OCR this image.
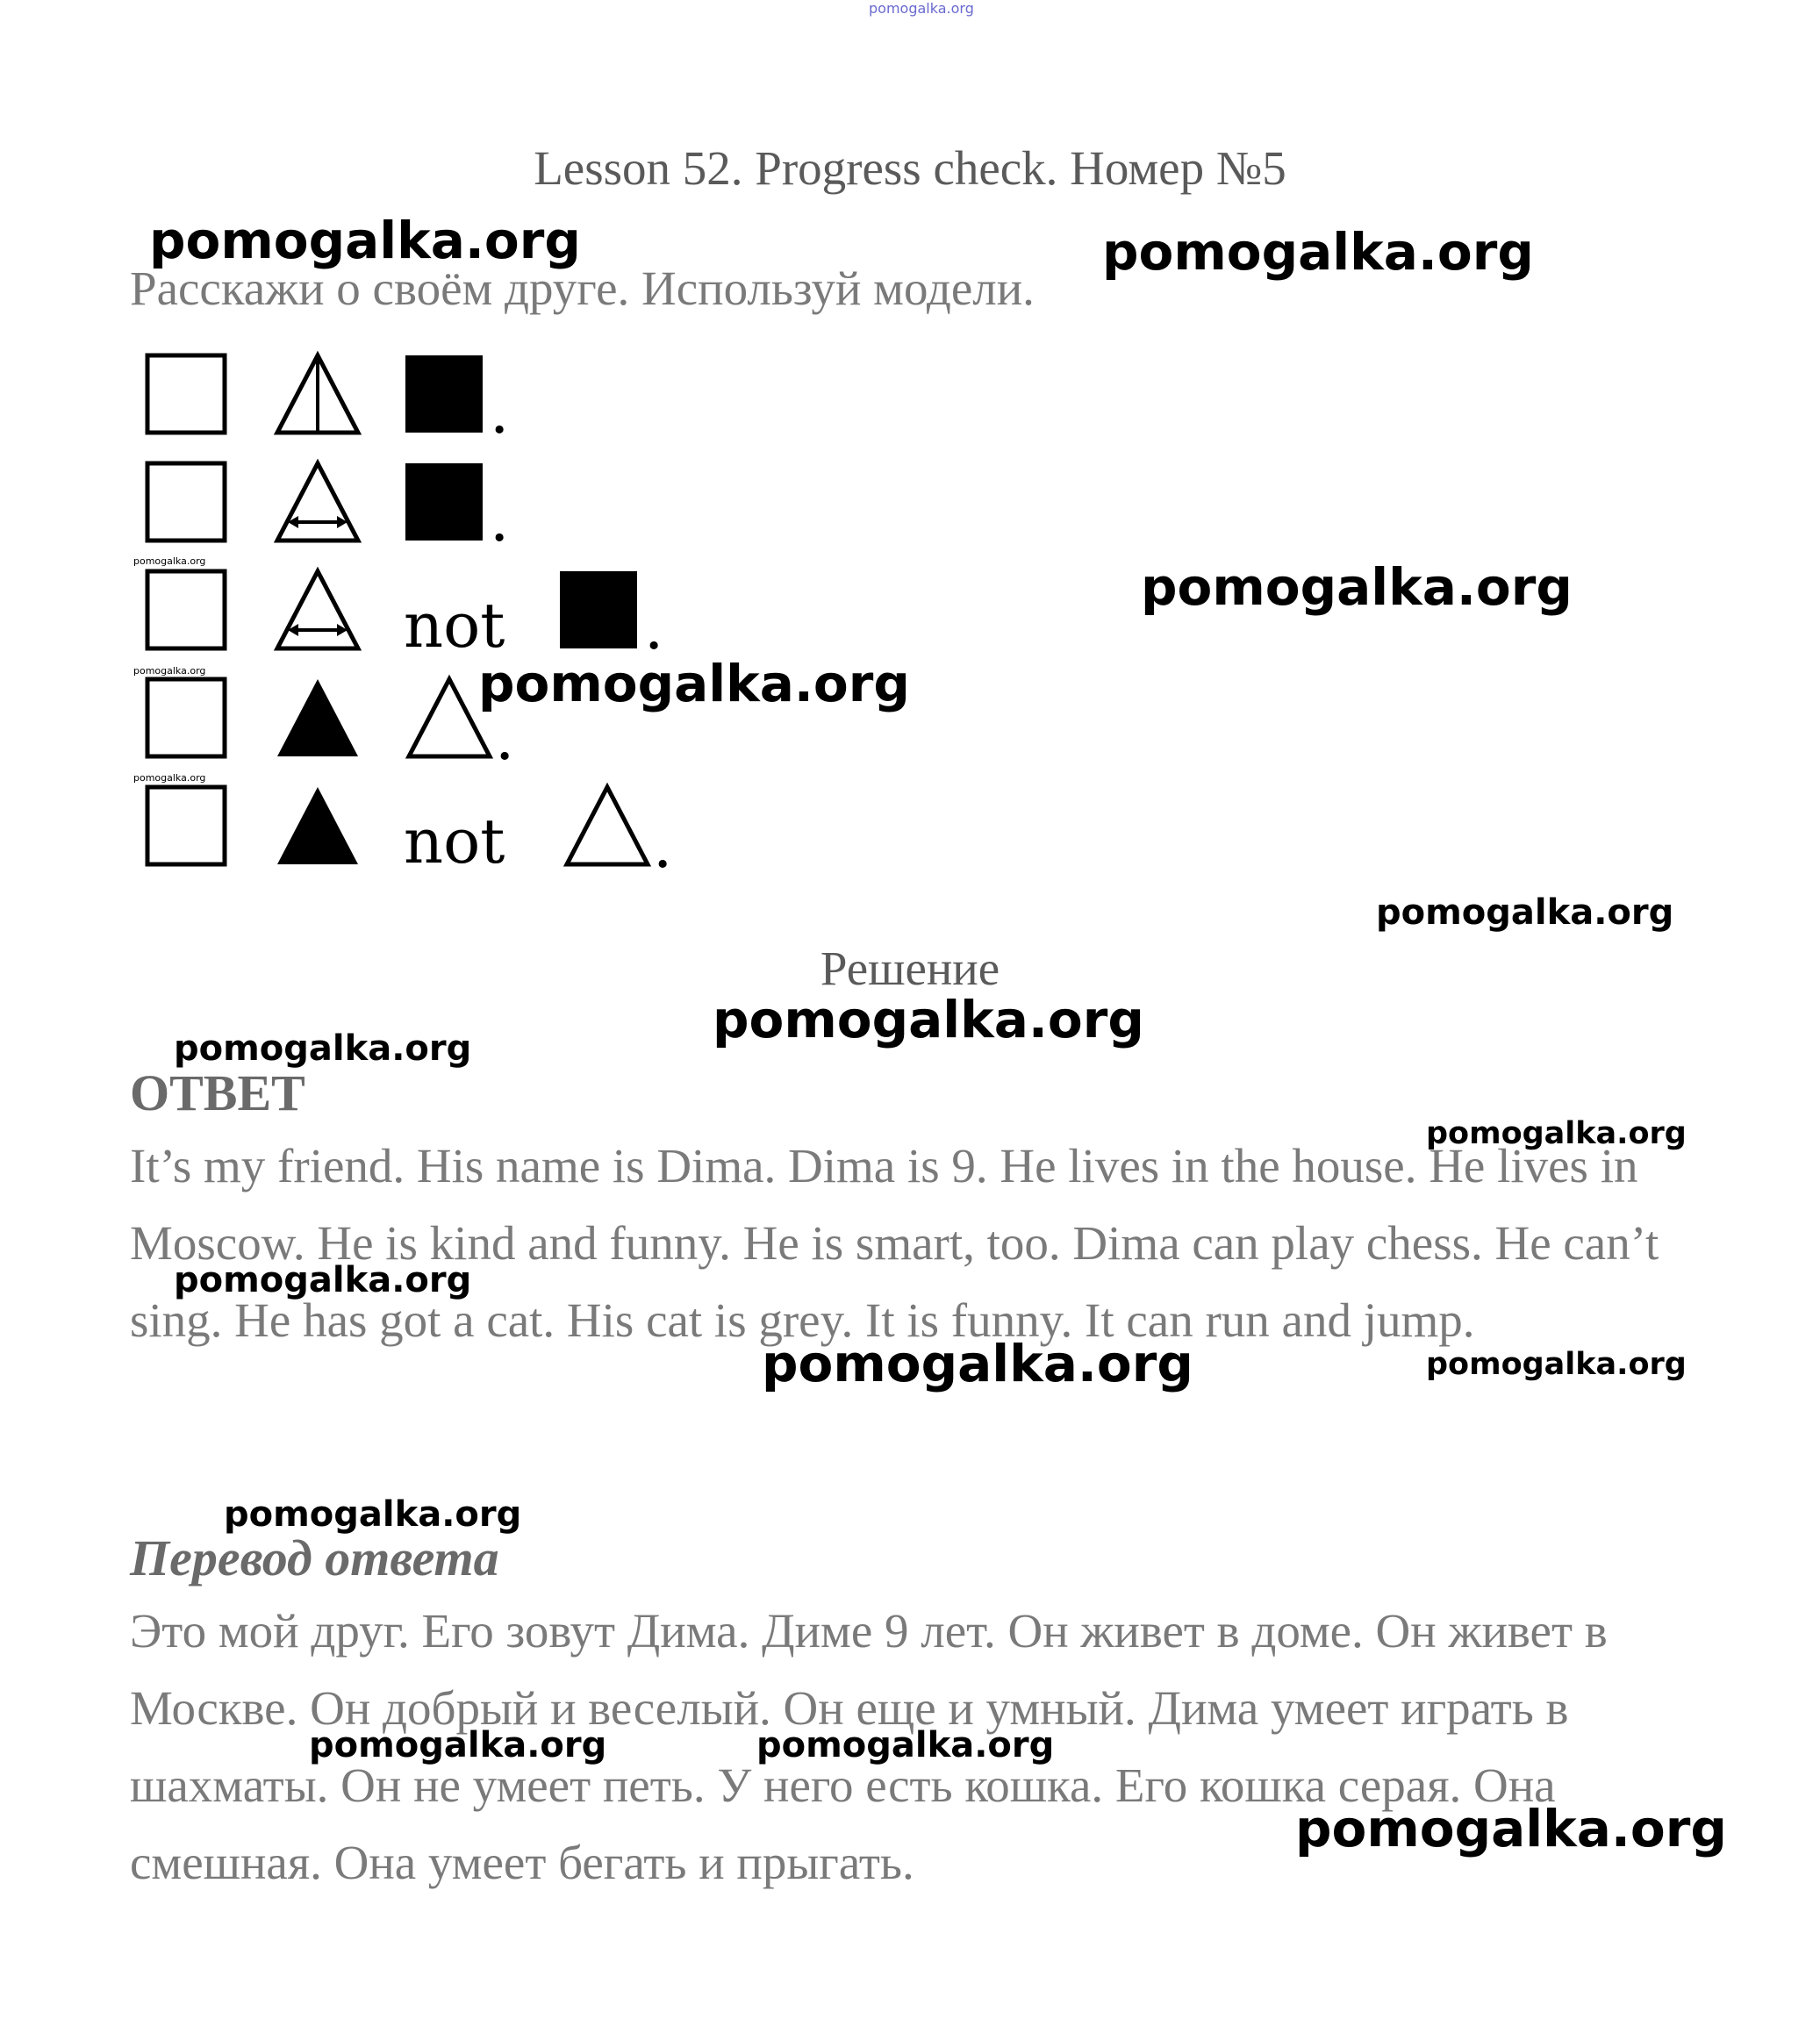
pomogalka.org
Lesson 52. Progress check. Номер №5
Расскажи о своём друге. Используй модели.
.
.
not .
.
not .
Решение
ОТВЕТ
It’s my friend. His name is Dima. Dima is 9. He lives in the house. He lives in Moscow. He is kind and funny. He is smart, too. Dima can play chess. He can’t sing. He has got a cat. His cat is grey. It is funny. It can run and jump.
Перевод ответа
Это мой друг. Его зовут Дима. Диме 9 лет. Он живет в доме. Он живет в Москве. Он добрый и веселый. Он еще и умный. Дима умеет играть в шахматы. Он не умеет петь. У него есть кошка. Его кошка серая. Она смешная. Она умеет бегать и прыгать.
pomogalka.org	pomogalka.org
pomogalka.org
pomogalka.org
pomogalka.org
pomogalka.org
pomogalka.org
pomogalka.org
pomogalka.org
pomogalka.org
pomogalka.org
pomogalka.org
pomogalka.org	pomogalka.org
pomogalka.org
pomogalka.org	pomogalka.org
pomogalka.org
